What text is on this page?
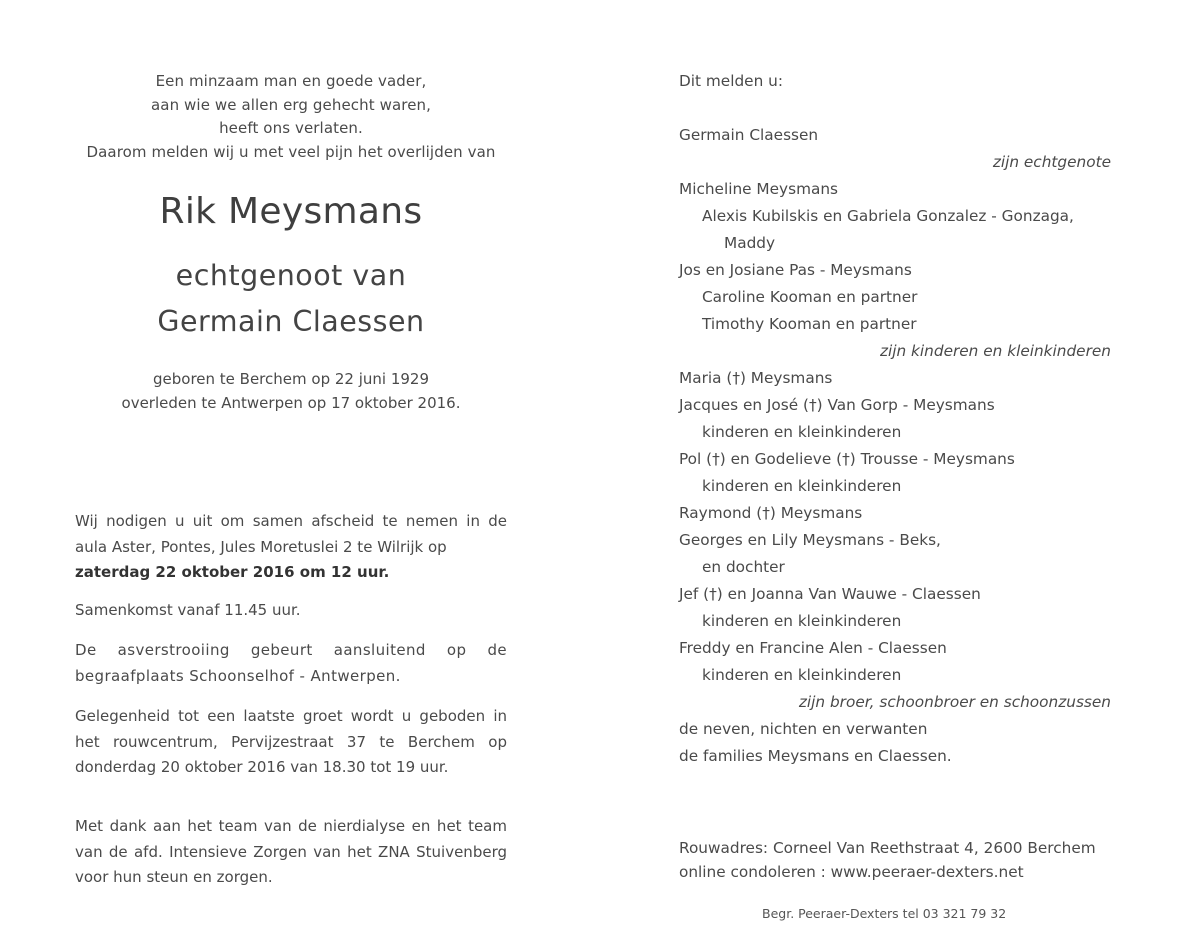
Een minzaam man en goede vader,
aan wie we allen erg gehecht waren,
heeft ons verlaten.
Daarom melden wij u met veel pijn het overlijden van
Rik Meysmans
echtgenoot van
Germain Claessen
geboren te Berchem op 22 juni 1929
overleden te Antwerpen op 17 oktober 2016.
Wij nodigen u uit om samen afscheid te nemen in de aula Aster, Pontes, Jules Moretuslei 2 te Wilrijk op
zaterdag 22 oktober 2016 om 12 uur.
Samenkomst vanaf 11.45 uur.
De asverstrooiing gebeurt aansluitend op de begraafplaats Schoonselhof - Antwerpen.
Gelegenheid tot een laatste groet wordt u geboden in het rouwcentrum, Pervijzestraat 37 te Berchem op donderdag 20 oktober 2016 van 18.30 tot 19 uur.
Met dank aan het team van de nierdialyse en het team van de afd. Intensieve Zorgen van het ZNA Stuivenberg voor hun steun en zorgen.
Dit melden u:
Germain Claessen
zijn echtgenote
Micheline Meysmans
Alexis Kubilskis en Gabriela Gonzalez - Gonzaga,
Maddy
Jos en Josiane Pas - Meysmans
Caroline Kooman en partner
Timothy Kooman en partner
zijn kinderen en kleinkinderen
Maria (†) Meysmans
Jacques en José (†) Van Gorp - Meysmans
kinderen en kleinkinderen
Pol (†) en Godelieve (†) Trousse - Meysmans
kinderen en kleinkinderen
Raymond (†) Meysmans
Georges en Lily Meysmans - Beks,
en dochter
Jef (†) en Joanna Van Wauwe - Claessen
kinderen en kleinkinderen
Freddy en Francine Alen - Claessen
kinderen en kleinkinderen
zijn broer, schoonbroer en schoonzussen
de neven, nichten en verwanten
de families Meysmans en Claessen.
Rouwadres: Corneel Van Reethstraat 4, 2600 Berchem
online condoleren : www.peeraer-dexters.net
Begr. Peeraer-Dexters tel 03 321 79 32
